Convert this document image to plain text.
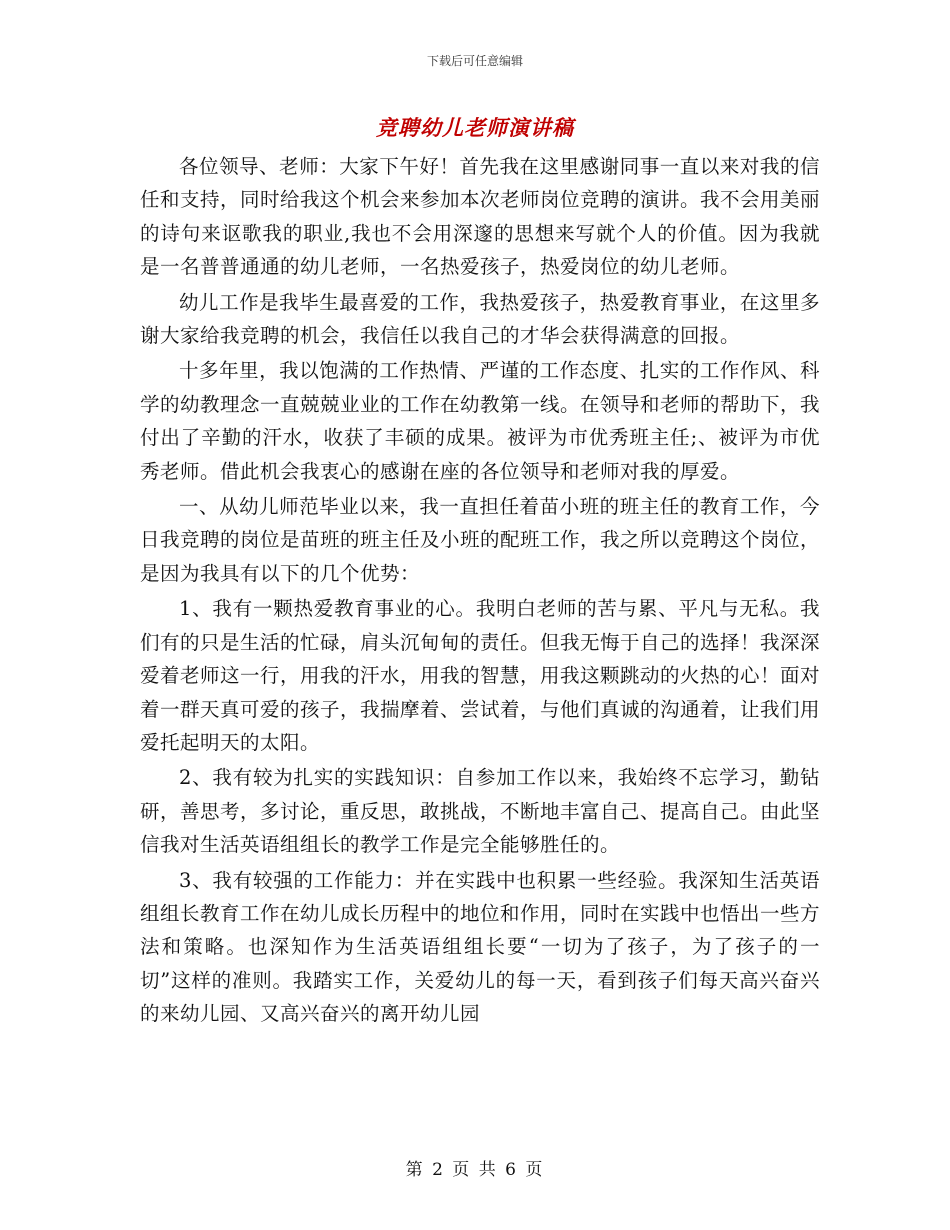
下载后可任意编辑
竞聘幼儿老师演讲稿

各位领导、老师：大家下午好！首先我在这里感谢同事一直以来对我的信任和支持，同时给我这个机会来参加本次老师岗位竞聘的演讲。我不会用美丽的诗句来讴歌我的职业,我也不会用深邃的思想来写就个人的价值。因为我就是一名普普通通的幼儿老师，一名热爱孩子，热爱岗位的幼儿老师。

幼儿工作是我毕生最喜爱的工作，我热爱孩子，热爱教育事业，在这里多谢大家给我竞聘的机会，我信任以我自己的才华会获得满意的回报。

十多年里，我以饱满的工作热情、严谨的工作态度、扎实的工作作风、科学的幼教理念一直兢兢业业的工作在幼教第一线。在领导和老师的帮助下，我付出了辛勤的汗水，收获了丰硕的成果。被评为市优秀班主任;、被评为市优秀老师。借此机会我衷心的感谢在座的各位领导和老师对我的厚爱。

一、从幼儿师范毕业以来，我一直担任着苗小班的班主任的教育工作，今日我竞聘的岗位是苗班的班主任及小班的配班工作，我之所以竞聘这个岗位，是因为我具有以下的几个优势：

1、我有一颗热爱教育事业的心。我明白老师的苦与累、平凡与无私。我们有的只是生活的忙碌，肩头沉甸甸的责任。但我无悔于自己的选择！我深深爱着老师这一行，用我的汗水，用我的智慧，用我这颗跳动的火热的心！面对着一群天真可爱的孩子，我揣摩着、尝试着，与他们真诚的沟通着，让我们用爱托起明天的太阳。

2、我有较为扎实的实践知识：自参加工作以来，我始终不忘学习，勤钻研，善思考，多讨论，重反思，敢挑战，不断地丰富自己、提高自己。由此坚信我对生活英语组组长的教学工作是完全能够胜任的。

3、我有较强的工作能力：并在实践中也积累一些经验。我深知生活英语组组长教育工作在幼儿成长历程中的地位和作用，同时在实践中也悟出一些方法和策略。也深知作为生活英语组组长要“一切为了孩子，为了孩子的一切”这样的准则。我踏实工作，关爱幼儿的每一天，看到孩子们每天高兴奋兴的来幼儿园、又高兴奋兴的离开幼儿园

第 2 页 共 6 页
